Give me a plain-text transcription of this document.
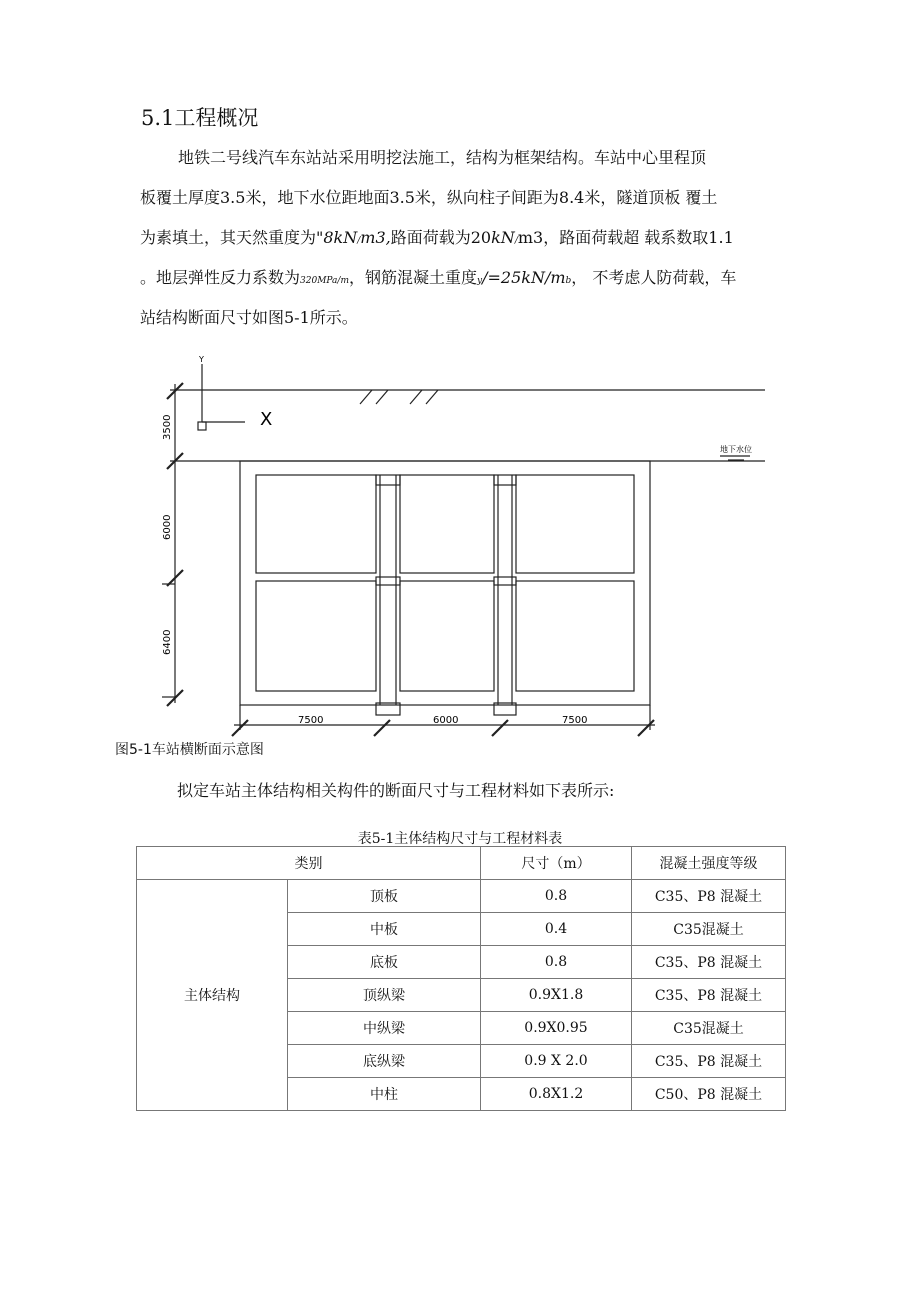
5.1工程概况
地铁二号线汽车东站站采用明挖法施工，结构为框架结构。车站中心里程顶
板覆土厚度3.5米，地下水位距地面3.5米，纵向柱子间距为8.4米，隧道顶板 覆土
为素填土，其天然重度为"8kN/m3,路面荷载为20kN/m3，路面荷载超 载系数取1.1
。地层弹性反力系数为320MPa/m，钢筋混凝土重度y/=25kN/mb， 不考虑人防荷载，车
站结构断面尺寸如图5-1所示。
Y
X
地下水位
3500
6000
6400
7500	6000	7500
图5-1车站横断面示意图
拟定车站主体结构相关构件的断面尺寸与工程材料如下表所示:
表5-1主体结构尺寸与工程材料表
类别		尺寸（m）	混凝土强度等级
主体结构	顶板	0.8	C35、P8 混凝土
	中板	0.4	C35混凝土
	底板	0.8	C35、P8 混凝土
	顶纵梁	0.9X1.8	C35、P8 混凝土
	中纵梁	0.9X0.95	C35混凝土
	底纵梁	0.9 X 2.0	C35、P8 混凝土
	中柱	0.8X1.2	C50、P8 混凝土
